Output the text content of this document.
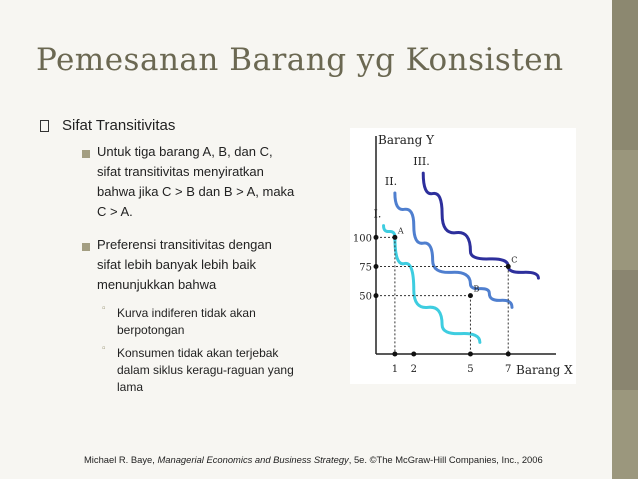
Pemesanan Barang yg Konsisten
Sifat Transitivitas
Untuk tiga barang A, B, dan C,
sifat transitivitas menyiratkan
bahwa jika C > B dan B > A, maka
C > A.
Preferensi transitivitas dengan
sifat lebih banyak lebih baik
menunjukkan bahwa
▫ Kurva indiferen tidak akan
berpotongan
▫ Konsumen tidak akan terjebak
dalam siklus keragu-raguan yang
lama
Barang Y
Barang X
I.
II.
III.
A
B
C
100
75
50
1 2	5	7
Michael R. Baye, Managerial Economics and Business Strategy, 5e. ©The McGraw-Hill Companies, Inc., 2006
